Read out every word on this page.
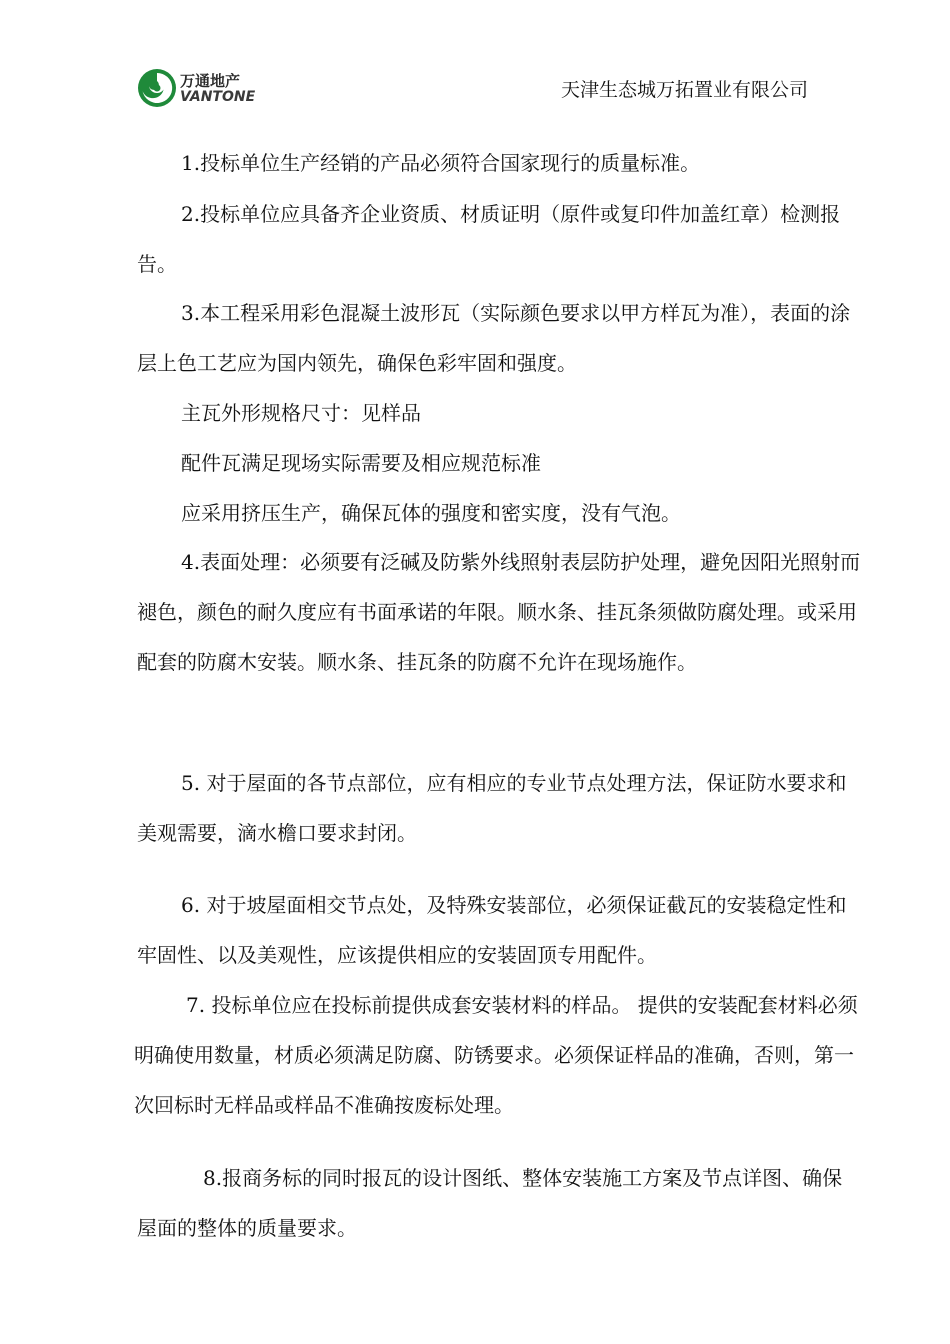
万通地产
VANTONE	天津生态城万拓置业有限公司
1.投标单位生产经销的产品必须符合国家现行的质量标准。
2.投标单位应具备齐企业资质、材质证明（原件或复印件加盖红章）检测报告。
3.本工程采用彩色混凝土波形瓦（实际颜色要求以甲方样瓦为准），表面的涂层上色工艺应为国内领先，确保色彩牢固和强度。
主瓦外形规格尺寸：见样品
配件瓦满足现场实际需要及相应规范标准
应采用挤压生产，确保瓦体的强度和密实度，没有气泡。
4.表面处理：必须要有泛碱及防紫外线照射表层防护处理，避免因阳光照射而褪色，颜色的耐久度应有书面承诺的年限。顺水条、挂瓦条须做防腐处理。或采用配套的防腐木安装。顺水条、挂瓦条的防腐不允许在现场施作。
5. 对于屋面的各节点部位，应有相应的专业节点处理方法，保证防水要求和美观需要，滴水檐口要求封闭。
6. 对于坡屋面相交节点处，及特殊安装部位，必须保证截瓦的安装稳定性和牢固性、以及美观性，应该提供相应的安装固顶专用配件。
7. 投标单位应在投标前提供成套安装材料的样品。 提供的安装配套材料必须明确使用数量，材质必须满足防腐、防锈要求。必须保证样品的准确，否则，第一次回标时无样品或样品不准确按废标处理。
8.报商务标的同时报瓦的设计图纸、整体安装施工方案及节点详图、确保屋面的整体的质量要求。
